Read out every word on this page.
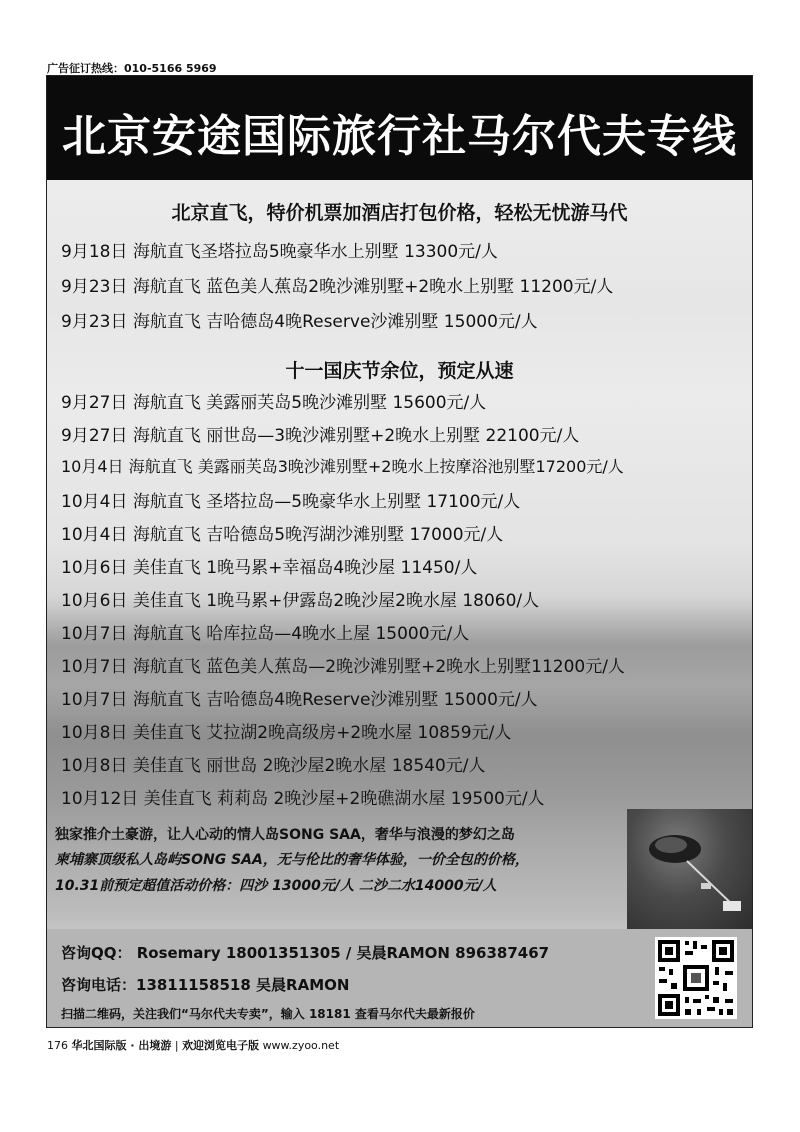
广告征订热线：010-5166 5969
北京安途国际旅行社马尔代夫专线
北京直飞，特价机票加酒店打包价格，轻松无忧游马代
9月18日 海航直飞圣塔拉岛5晚豪华水上别墅 13300元/人
9月23日 海航直飞 蓝色美人蕉岛2晚沙滩别墅+2晚水上别墅 11200元/人
9月23日 海航直飞 吉哈德岛4晚Reserve沙滩别墅 15000元/人
十一国庆节余位，预定从速
9月27日 海航直飞 美露丽芙岛5晚沙滩别墅 15600元/人
9月27日 海航直飞 丽世岛—3晚沙滩别墅+2晚水上别墅 22100元/人
10月4日 海航直飞 美露丽芙岛3晚沙滩别墅+2晚水上按摩浴池别墅17200元/人
10月4日 海航直飞 圣塔拉岛—5晚豪华水上别墅 17100元/人
10月4日 海航直飞 吉哈德岛5晚泻湖沙滩别墅 17000元/人
10月6日 美佳直飞 1晚马累+幸福岛4晚沙屋 11450/人
10月6日 美佳直飞 1晚马累+伊露岛2晚沙屋2晚水屋 18060/人
10月7日 海航直飞 哈库拉岛—4晚水上屋 15000元/人
10月7日 海航直飞 蓝色美人蕉岛—2晚沙滩别墅+2晚水上别墅11200元/人
10月7日 海航直飞 吉哈德岛4晚Reserve沙滩别墅 15000元/人
10月8日 美佳直飞 艾拉湖2晚高级房+2晚水屋 10859元/人
10月8日 美佳直飞 丽世岛 2晚沙屋2晚水屋 18540元/人
10月12日 美佳直飞 莉莉岛 2晚沙屋+2晚礁湖水屋 19500元/人
独家推介土豪游，让人心动的情人岛SONG SAA，奢华与浪漫的梦幻之岛
柬埔寨顶级私人岛屿SONG SAA，无与伦比的奢华体验，一价全包的价格，
10.31前预定超值活动价格：四沙 13000元/人 二沙二水14000元/人
咨询QQ： Rosemary 18001351305 / 吴晨RAMON 896387467
咨询电话：13811158518 吴晨RAMON
扫描二维码，关注我们“马尔代夫专卖”，输入 18181 查看马尔代夫最新报价
176 华北国际版 · 出境游 | 欢迎浏览电子版 www.zyoo.net
